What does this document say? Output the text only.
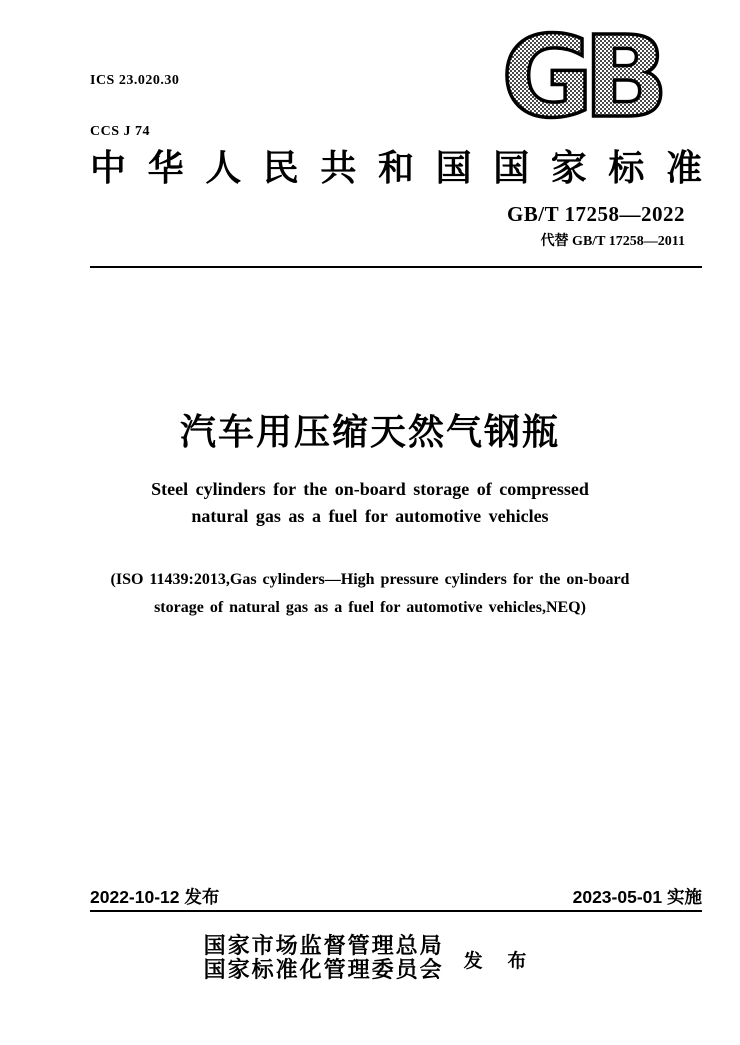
ICS 23.020.30

CCS J 74

	GB
中华人民共和国国家标准
GB/T 17258—2022
代替 GB/T 17258—2011
汽车用压缩天然气钢瓶
Steel cylinders for the on-board storage of compressed
natural gas as a fuel for automotive vehicles
(ISO 11439:2013,Gas cylinders—High pressure cylinders for the on-board
storage of natural gas as a fuel for automotive vehicles,NEQ)
2022-10-12 发布	2023-05-01 实施
国家市场监督管理总局
国家标准化管理委员会 发 布
